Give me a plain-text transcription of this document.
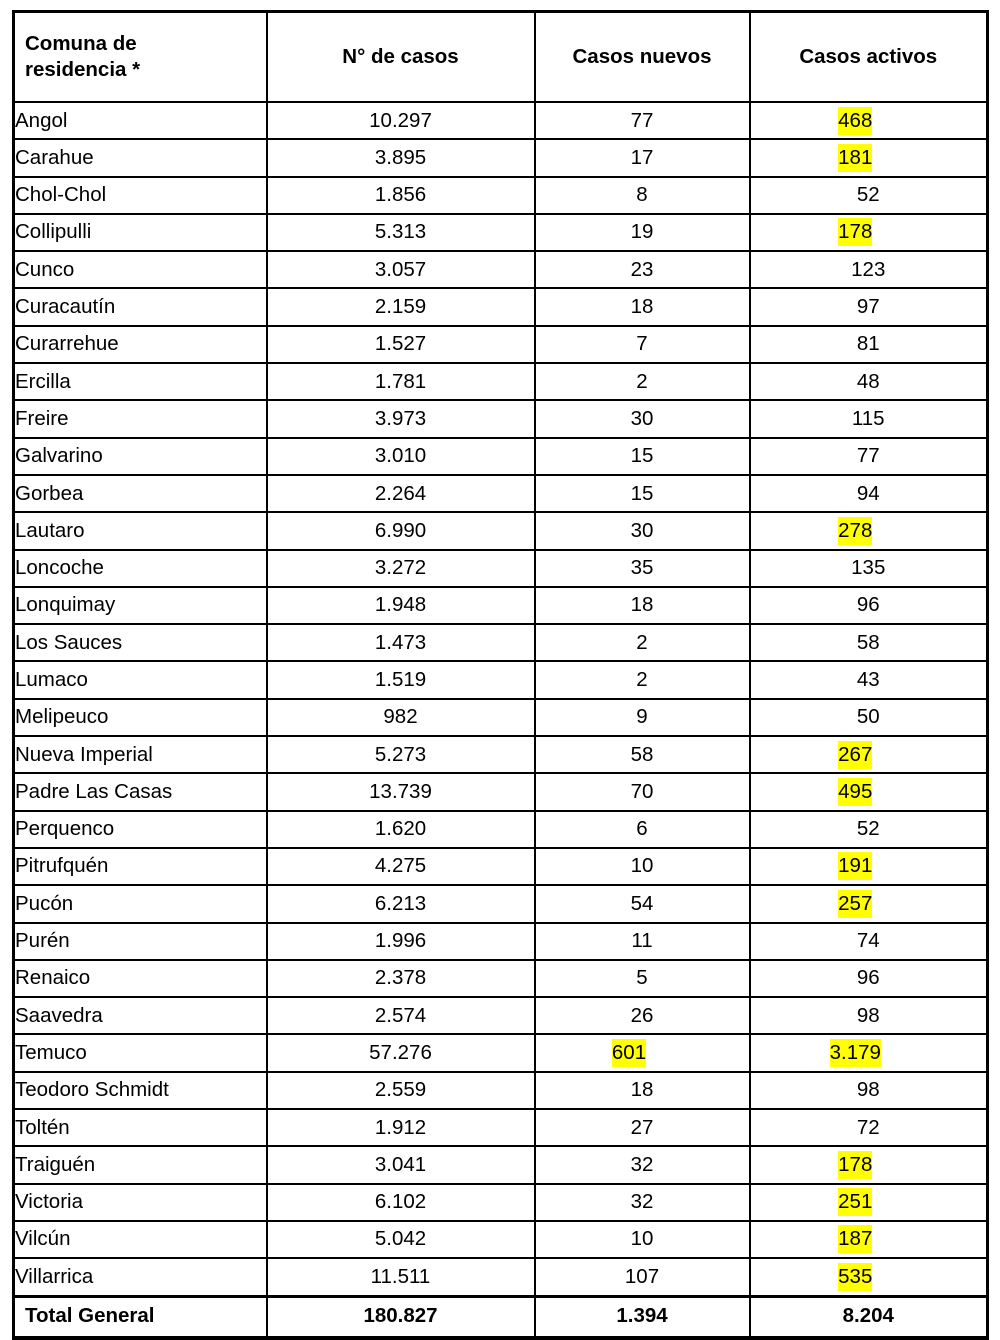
Comuna de
residencia *	N° de casos	Casos nuevos	Casos activos
Angol	10.297	77	468
Carahue	3.895	17	181
Chol-Chol	1.856	8	52
Collipulli	5.313	19	178
Cunco	3.057	23	123
Curacautín	2.159	18	97
Curarrehue	1.527	7	81
Ercilla	1.781	2	48
Freire	3.973	30	115
Galvarino	3.010	15	77
Gorbea	2.264	15	94
Lautaro	6.990	30	278
Loncoche	3.272	35	135
Lonquimay	1.948	18	96
Los Sauces	1.473	2	58
Lumaco	1.519	2	43
Melipeuco	982	9	50
Nueva Imperial	5.273	58	267
Padre Las Casas	13.739	70	495
Perquenco	1.620	6	52
Pitrufquén	4.275	10	191
Pucón	6.213	54	257
Purén	1.996	11	74
Renaico	2.378	5	96
Saavedra	2.574	26	98
Temuco	57.276	601	3.179
Teodoro Schmidt	2.559	18	98
Toltén	1.912	27	72
Traiguén	3.041	32	178
Victoria	6.102	32	251
Vilcún	5.042	10	187
Villarrica	11.511	107	535
Total General	180.827	1.394	8.204
